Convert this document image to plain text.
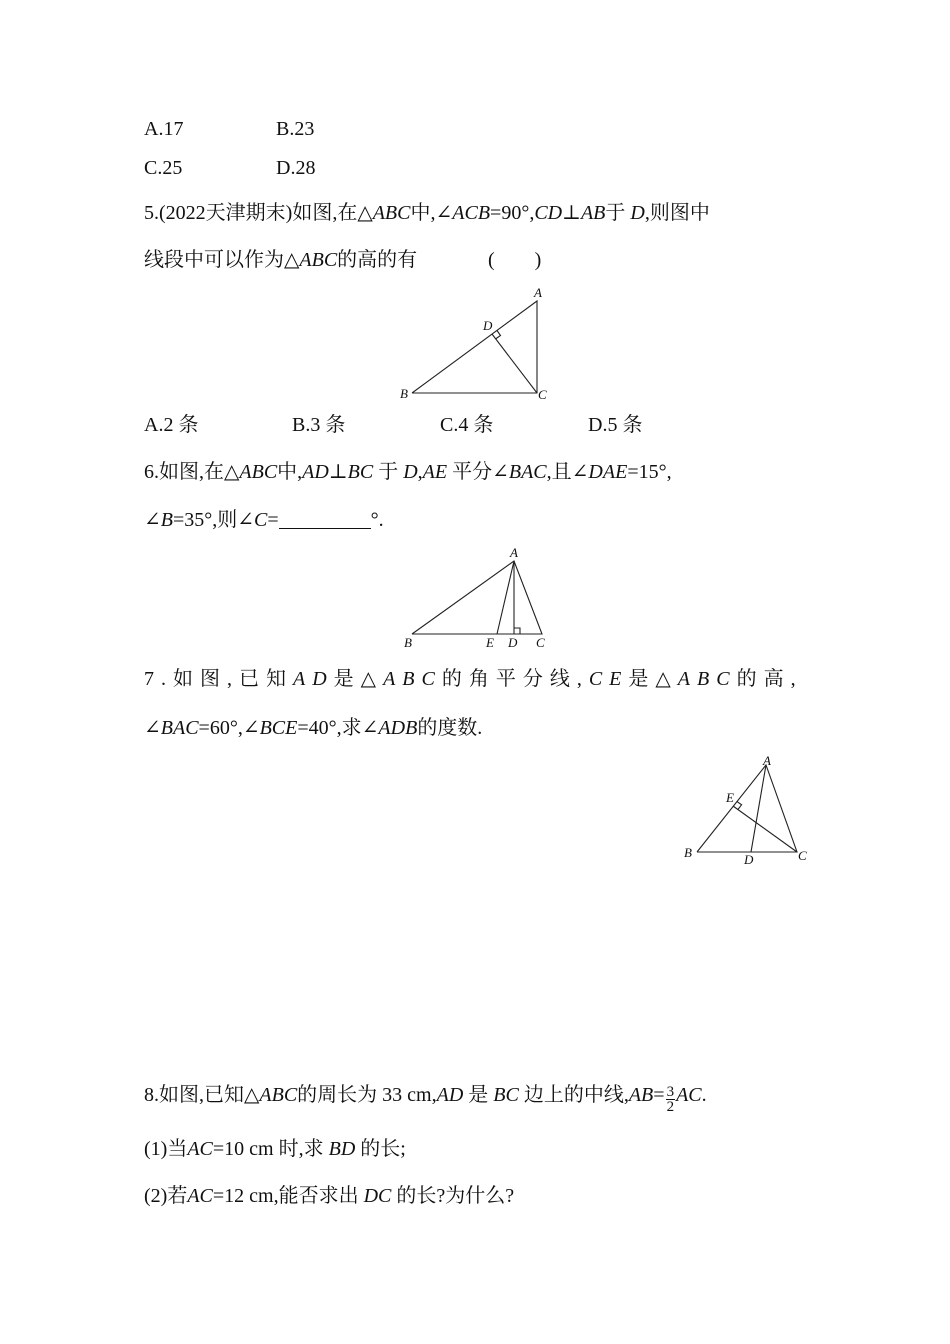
A.17	B.23
C.25	D.28
5.(2022天津期末)如图,在△ABC中,∠ACB=90°,CD⊥AB于 D,则图中
线段中可以作为△ABC的高的有	(        )
A
D
B	C
A.2 条	B.3 条	C.4 条	D.5 条
6.如图,在△ABC中,AD⊥BC 于 D,AE 平分∠BAC,且∠DAE=15°,
∠B=35°,则∠C=	°.
A
B	E D C
7.如图,已知AD是△ABC的角平分线,CE是△ABC的高,
∠BAC=60°,∠BCE=40°,求∠ADB的度数.
A
E
B	D	C
8.如图,已知△ABC的周长为 33 cm,AD 是 BC 边上的中线$,AB= \frac{3}{2}$ AC.
(1)当AC=10 cm 时,求 BD 的长;
(2)若AC=12 cm,能否求出 DC 的长?为什么?
